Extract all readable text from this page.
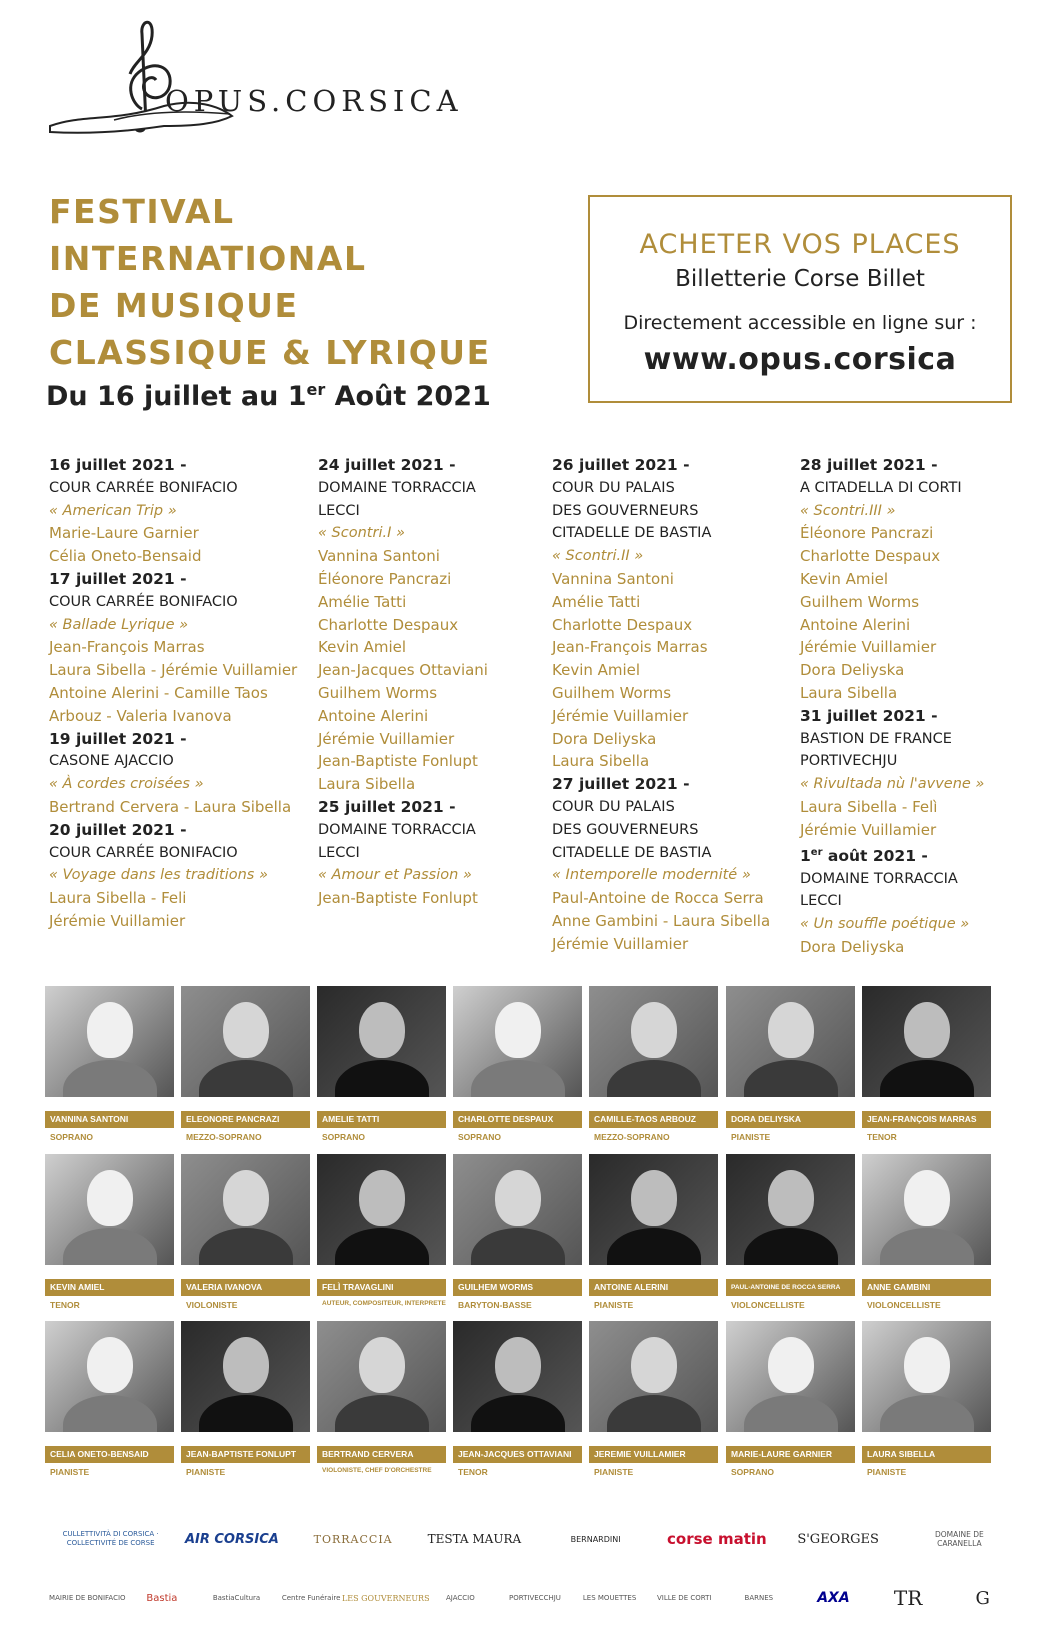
OPUS.CORSICA
FESTIVAL
INTERNATIONAL
DE MUSIQUE
CLASSIQUE & LYRIQUE
Du 16 juillet au 1er Août 2021
ACHETER VOS PLACES
Billetterie Corse Billet
Directement accessible en ligne sur :
www.opus.corsica
16 juillet 2021 -
COUR CARRÉE BONIFACIO
« American Trip »
Marie-Laure Garnier
Célia Oneto-Bensaid
17 juillet 2021 -
COUR CARRÉE BONIFACIO
« Ballade Lyrique »
Jean-François Marras
Laura Sibella - Jérémie Vuillamier
Antoine Alerini - Camille Taos
Arbouz - Valeria Ivanova
19 juillet 2021 -
CASONE AJACCIO
« À cordes croisées »
Bertrand Cervera - Laura Sibella
20 juillet 2021 -
COUR CARRÉE BONIFACIO
« Voyage dans les traditions »
Laura Sibella - Feli
Jérémie Vuillamier
24 juillet 2021 -
DOMAINE TORRACCIA
LECCI
« Scontri.I »
Vannina Santoni
Éléonore Pancrazi
Amélie Tatti
Charlotte Despaux
Kevin Amiel
Jean-Jacques Ottaviani
Guilhem Worms
Antoine Alerini
Jérémie Vuillamier
Jean-Baptiste Fonlupt
Laura Sibella
25 juillet 2021 -
DOMAINE TORRACCIA
LECCI
« Amour et Passion »
Jean-Baptiste Fonlupt
26 juillet 2021 -
COUR DU PALAIS
DES GOUVERNEURS
CITADELLE DE BASTIA
« Scontri.II »
Vannina Santoni
Amélie Tatti
Charlotte Despaux
Jean-François Marras
Kevin Amiel
Guilhem Worms
Jérémie Vuillamier
Dora Deliyska
Laura Sibella
27 juillet 2021 -
COUR DU PALAIS
DES GOUVERNEURS
CITADELLE DE BASTIA
« Intemporelle modernité »
Paul-Antoine de Rocca Serra
Anne Gambini - Laura Sibella
Jérémie Vuillamier
28 juillet 2021 -
A CITADELLA DI CORTI
« Scontri.III »
Éléonore Pancrazi
Charlotte Despaux
Kevin Amiel
Guilhem Worms
Antoine Alerini
Jérémie Vuillamier
Dora Deliyska
Laura Sibella
31 juillet 2021 -
BASTION DE FRANCE
PORTIVECHJU
« Rivultada nù l'avvene »
Laura Sibella - Felì
Jérémie Vuillamier
1er août 2021 -
DOMAINE TORRACCIA
LECCI
« Un souffle poétique »
Dora Deliyska
VANNINA SANTONI
SOPRANO
ELEONORE PANCRAZI
MEZZO-SOPRANO
AMELIE TATTI
SOPRANO
CHARLOTTE DESPAUX
SOPRANO
CAMILLE-TAOS ARBOUZ
MEZZO-SOPRANO
DORA DELIYSKA
PIANISTE
JEAN-FRANÇOIS MARRAS
TENOR
KEVIN AMIEL
TENOR
VALERIA IVANOVA
VIOLONISTE
FELÌ TRAVAGLINI
AUTEUR, COMPOSITEUR, INTERPRETE
GUILHEM WORMS
BARYTON-BASSE
ANTOINE ALERINI
PIANISTE
PAUL-ANTOINE DE ROCCA SERRA
VIOLONCELLISTE
ANNE GAMBINI
VIOLONCELLISTE
CELIA ONETO-BENSAID
PIANISTE
JEAN-BAPTISTE FONLUPT
PIANISTE
BERTRAND CERVERA
VIOLONISTE, CHEF D'ORCHESTRE
JEAN-JACQUES OTTAVIANI
TENOR
JEREMIE VUILLAMIER
PIANISTE
MARIE-LAURE GARNIER
SOPRANO
LAURA SIBELLA
PIANISTE
CULLETTIVITÀ DI CORSICA · COLLECTIVITÉ DE CORSE	AIR CORSICA	TORRACCIA	TESTA MAURA	BERNARDINI	corse matin S'GEORGES	DOMAINE DE CARANELLA
MAIRIE DE BONIFACIO Bastia	BastiaCultura	Centre Funéraire LES GOUVERNEURS AJACCIO	PORTIVECCHJU	LES MOUETTES	VILLE DE CORTI	BARNES	AXA TR	G
